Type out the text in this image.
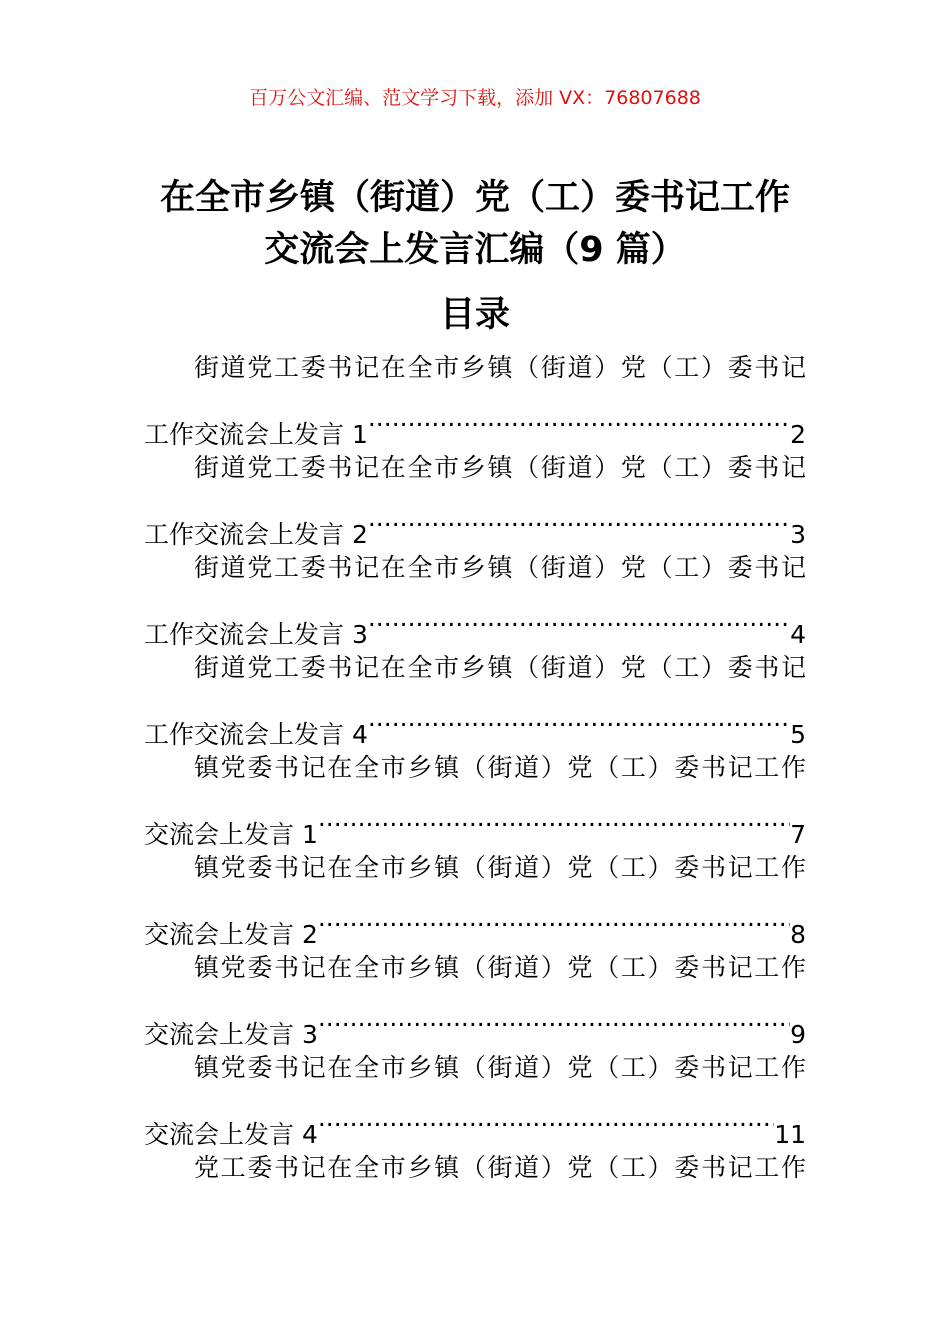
百万公文汇编、范文学习下载，添加 VX：76807688
在全市乡镇（街道）党（工）委书记工作
交流会上发言汇编（9 篇）
目录
街道党工委书记在全市乡镇（街道）党（工）委书记
工作交流会上发言 1 .....	2
街道党工委书记在全市乡镇（街道）党（工）委书记
工作交流会上发言 2 .....	3
街道党工委书记在全市乡镇（街道）党（工）委书记
工作交流会上发言 3 .....	4
街道党工委书记在全市乡镇（街道）党（工）委书记
工作交流会上发言 4 .....	5
镇党委书记在全市乡镇（街道）党（工）委书记工作
交流会上发言 1 .....	7
镇党委书记在全市乡镇（街道）党（工）委书记工作
交流会上发言 2 .....	8
镇党委书记在全市乡镇（街道）党（工）委书记工作
交流会上发言 3 .....	9
镇党委书记在全市乡镇（街道）党（工）委书记工作
交流会上发言 4 .....	11
党工委书记在全市乡镇（街道）党（工）委书记工作
